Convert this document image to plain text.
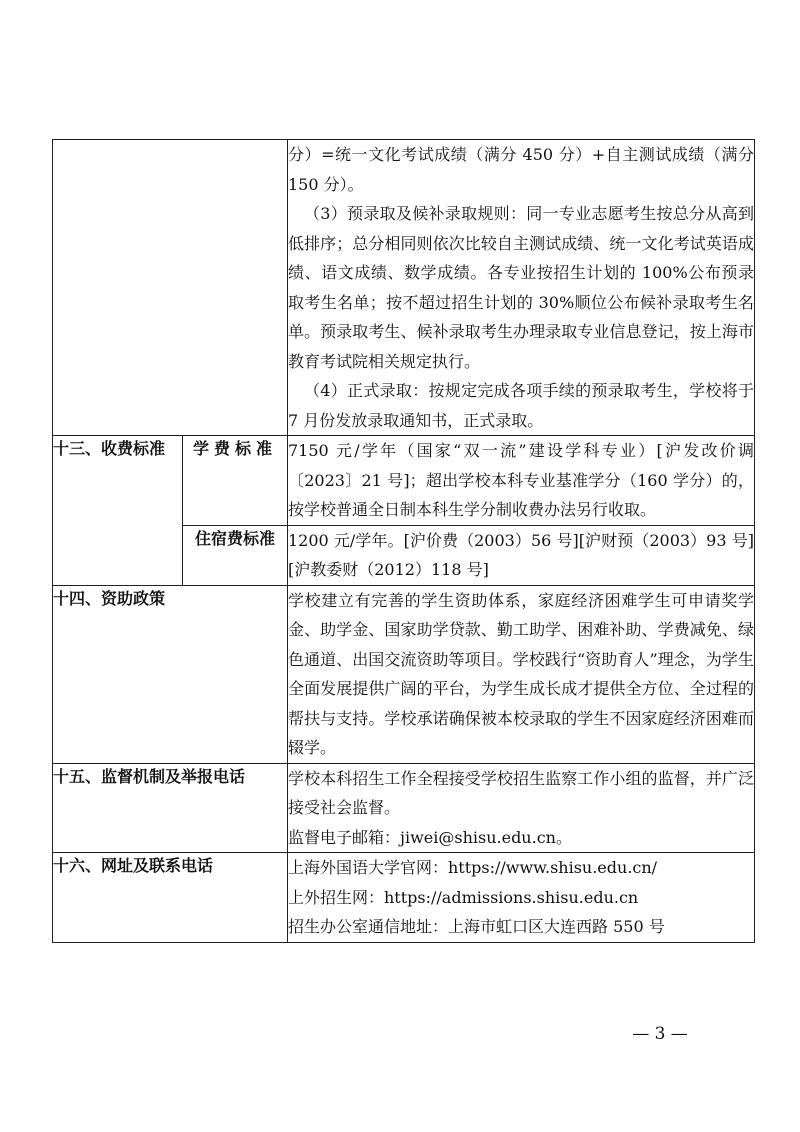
		分）=统一文化考试成绩（满分 450 分）+自主测试成绩（满分 150 分）。

（3）预录取及候补录取规则：同一专业志愿考生按总分从高到低排序；总分相同则依次比较自主测试成绩、统一文化考试英语成绩、语文成绩、数学成绩。各专业按招生计划的 100%公布预录取考生名单；按不超过招生计划的 30%顺位公布候补录取考生名单。预录取考生、候补录取考生办理录取专业信息登记，按上海市教育考试院相关规定执行。

（4）正式录取：按规定完成各项手续的预录取考生，学校将于 7 月份发放录取通知书，正式录取。

十三、收费标准	学费标准	7150 元/学年（国家“双一流”建设学科专业）[沪发改价调〔2023〕21 号]；超出学校本科专业基准学分（160 学分）的，按学校普通全日制本科生学分制收费办法另行收取。

	住宿费标准	1200 元/学年。[沪价费（2003）56 号][沪财预（2003）93 号][沪教委财（2012）118 号]

十四、资助政策		学校建立有完善的学生资助体系，家庭经济困难学生可申请奖学金、助学金、国家助学贷款、勤工助学、困难补助、学费减免、绿色通道、出国交流资助等项目。学校践行“资助育人”理念，为学生全面发展提供广阔的平台，为学生成长成才提供全方位、全过程的帮扶与支持。学校承诺确保被本校录取的学生不因家庭经济困难而辍学。

十五、监督机制及举报电话		学校本科招生工作全程接受学校招生监察工作小组的监督，并广泛接受社会监督。

监督电子邮箱：jiwei@shisu.edu.cn。

十六、网址及联系电话		上海外国语大学官网：https://www.shisu.edu.cn/

上外招生网：https://admissions.shisu.edu.cn

招生办公室通信地址：上海市虹口区大连西路 550 号

— 3 —
